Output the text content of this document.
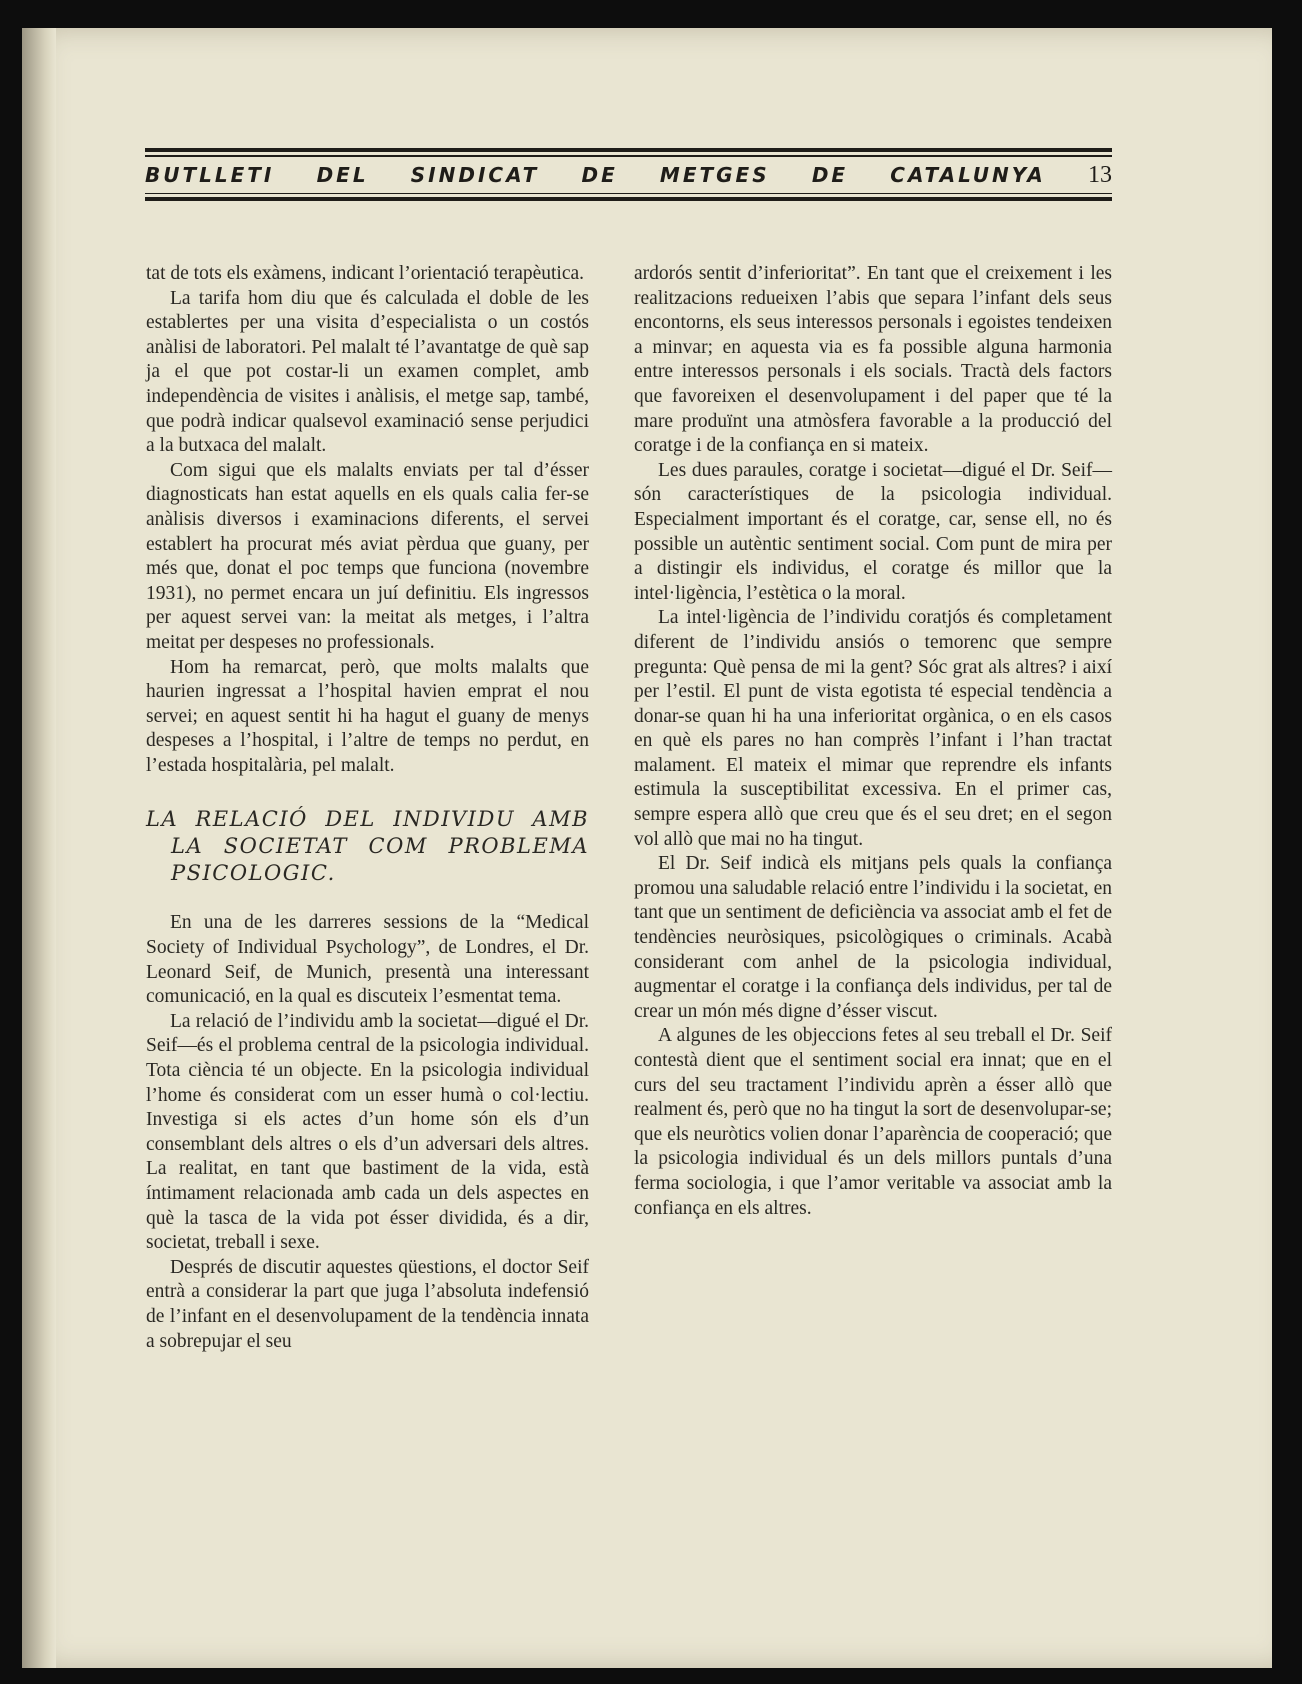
BUTLLETI DEL SINDICAT DE METGES DE CATALUNYA 13

tat de tots els exàmens, indicant l’orientació terapèutica.

La tarifa hom diu que és calculada el doble de les establertes per una visita d’especialista o un costós anàlisi de laboratori. Pel malalt té l’avantatge de què sap ja el que pot costar-li un examen complet, amb independència de visites i anàlisis, el metge sap, també, que podrà indicar qualsevol examinació sense perjudici a la butxaca del malalt.

Com sigui que els malalts enviats per tal d’ésser diagnosticats han estat aquells en els quals calia fer-se anàlisis diversos i examinacions diferents, el servei establert ha procurat més aviat pèrdua que guany, per més que, donat el poc temps que funciona (novembre 1931), no permet encara un juí definitiu. Els ingressos per aquest servei van: la meitat als metges, i l’altra meitat per despeses no professionals.

Hom ha remarcat, però, que molts malalts que haurien ingressat a l’hospital havien emprat el nou servei; en aquest sentit hi ha hagut el guany de menys despeses a l’hospital, i l’altre de temps no perdut, en l’estada hospitalària, pel malalt.

LA RELACIÓ DEL INDIVIDU AMB LA SOCIETAT COM PROBLEMA PSICOLOGIC.

En una de les darreres sessions de la “Medical Society of Individual Psychology”, de Londres, el Dr. Leonard Seif, de Munich, presentà una interessant comunicació, en la qual es discuteix l’esmentat tema.

La relació de l’individu amb la societat—digué el Dr. Seif—és el problema central de la psicologia individual. Tota ciència té un objecte. En la psicologia individual l’home és considerat com un esser humà o col·lectiu. Investiga si els actes d’un home són els d’un consemblant dels altres o els d’un adversari dels altres. La realitat, en tant que bastiment de la vida, està íntimament relacionada amb cada un dels aspectes en què la tasca de la vida pot ésser dividida, és a dir, societat, treball i sexe.

Després de discutir aquestes qüestions, el doctor Seif entrà a considerar la part que juga l’absoluta indefensió de l’infant en el desenvolupament de la tendència innata a sobrepujar el seu

ardorós sentit d’inferioritat”. En tant que el creixement i les realitzacions redueixen l’abis que separa l’infant dels seus encontorns, els seus interessos personals i egoistes tendeixen a minvar; en aquesta via es fa possible alguna harmonia entre interessos personals i els socials. Tractà dels factors que favoreixen el desenvolupament i del paper que té la mare produïnt una atmòsfera favorable a la producció del coratge i de la confiança en si mateix.

Les dues paraules, coratge i societat—digué el Dr. Seif—són característiques de la psicologia individual. Especialment important és el coratge, car, sense ell, no és possible un autèntic sentiment social. Com punt de mira per a distingir els individus, el coratge és millor que la intel·ligència, l’estètica o la moral.

La intel·ligència de l’individu coratjós és completament diferent de l’individu ansiós o temorenc que sempre pregunta: Què pensa de mi la gent? Sóc grat als altres? i així per l’estil. El punt de vista egotista té especial tendència a donar-se quan hi ha una inferioritat orgànica, o en els casos en què els pares no han comprès l’infant i l’han tractat malament. El mateix el mimar que reprendre els infants estimula la susceptibilitat excessiva. En el primer cas, sempre espera allò que creu que és el seu dret; en el segon vol allò que mai no ha tingut.

El Dr. Seif indicà els mitjans pels quals la confiança promou una saludable relació entre l’individu i la societat, en tant que un sentiment de deficiència va associat amb el fet de tendències neuròsiques, psicològiques o criminals. Acabà considerant com anhel de la psicologia individual, augmentar el coratge i la confiança dels individus, per tal de crear un món més digne d’ésser viscut.

A algunes de les objeccions fetes al seu treball el Dr. Seif contestà dient que el sentiment social era innat; que en el curs del seu tractament l’individu aprèn a ésser allò que realment és, però que no ha tingut la sort de desenvolupar-se; que els neuròtics volien donar l’aparència de cooperació; que la psicologia individual és un dels millors puntals d’una ferma sociologia, i que l’amor veritable va associat amb la confiança en els altres.
